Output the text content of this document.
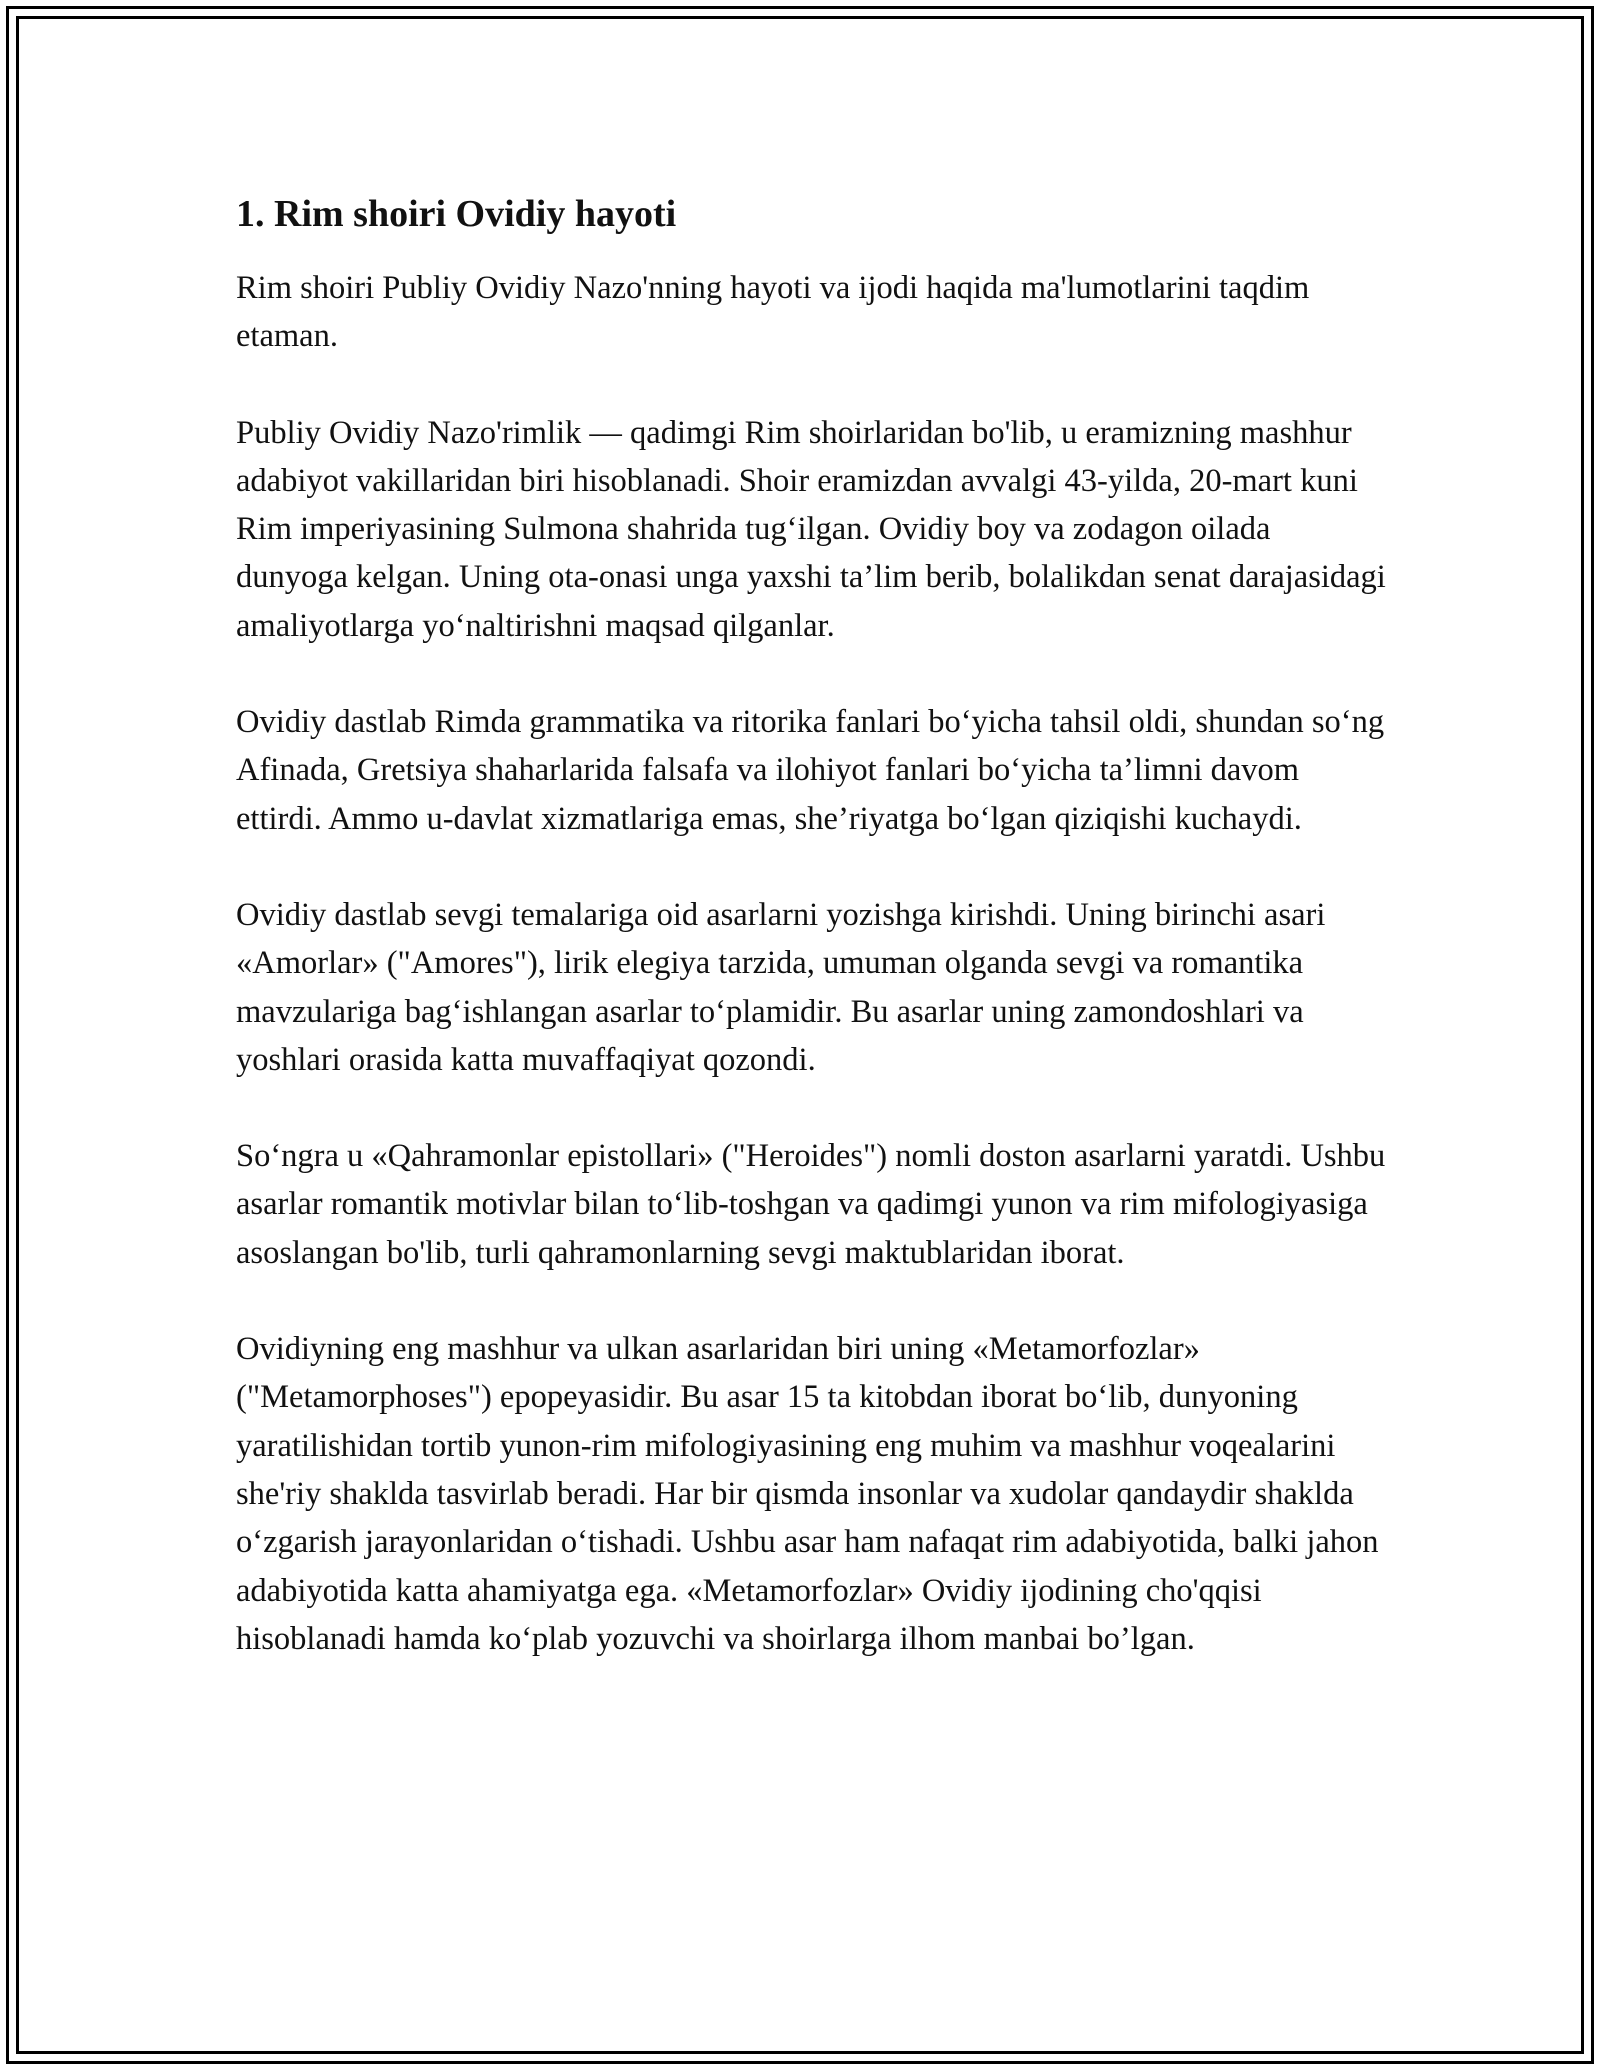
1. Rim shoiri Ovidiy hayoti

Rim shoiri Publiy Ovidiy Nazo'nning hayoti va ijodi haqida ma'lumotlarini taqdim etaman.

Publiy Ovidiy Nazo'rimlik — qadimgi Rim shoirlaridan bo'lib, u eramizning mashhur adabiyot vakillaridan biri hisoblanadi. Shoir eramizdan avvalgi 43-yilda, 20-mart kuni Rim imperiyasining Sulmona shahrida tug‘ilgan. Ovidiy boy va zodagon oilada dunyoga kelgan. Uning ota-onasi unga yaxshi ta’lim berib, bolalikdan senat darajasidagi amaliyotlarga yo‘naltirishni maqsad qilganlar.

Ovidiy dastlab Rimda grammatika va ritorika fanlari bo‘yicha tahsil oldi, shundan so‘ng Afinada, Gretsiya shaharlarida falsafa va ilohiyot fanlari bo‘yicha ta’limni davom ettirdi. Ammo u-davlat xizmatlariga emas, she’riyatga bo‘lgan qiziqishi kuchaydi.

Ovidiy dastlab sevgi temalariga oid asarlarni yozishga kirishdi. Uning birinchi asari «Amorlar» ("Amores"), lirik elegiya tarzida, umuman olganda sevgi va romantika mavzulariga bag‘ishlangan asarlar to‘plamidir. Bu asarlar uning zamondoshlari va yoshlari orasida katta muvaffaqiyat qozondi.

So‘ngra u «Qahramonlar epistollari» ("Heroides") nomli doston asarlarni yaratdi. Ushbu asarlar romantik motivlar bilan to‘lib-toshgan va qadimgi yunon va rim mifologiyasiga asoslangan bo'lib, turli qahramonlarning sevgi maktublaridan iborat.

Ovidiyning eng mashhur va ulkan asarlaridan biri uning «Metamorfozlar» ("Metamorphoses") epopeyasidir. Bu asar 15 ta kitobdan iborat bo‘lib, dunyoning yaratilishidan tortib yunon-rim mifologiyasining eng muhim va mashhur voqealarini she'riy shaklda tasvirlab beradi. Har bir qismda insonlar va xudolar qandaydir shaklda o‘zgarish jarayonlaridan o‘tishadi. Ushbu asar ham nafaqat rim adabiyotida, balki jahon adabiyotida katta ahamiyatga ega. «Metamorfozlar» Ovidiy ijodining cho'qqisi hisoblanadi hamda ko‘plab yozuvchi va shoirlarga ilhom manbai bo’lgan.
